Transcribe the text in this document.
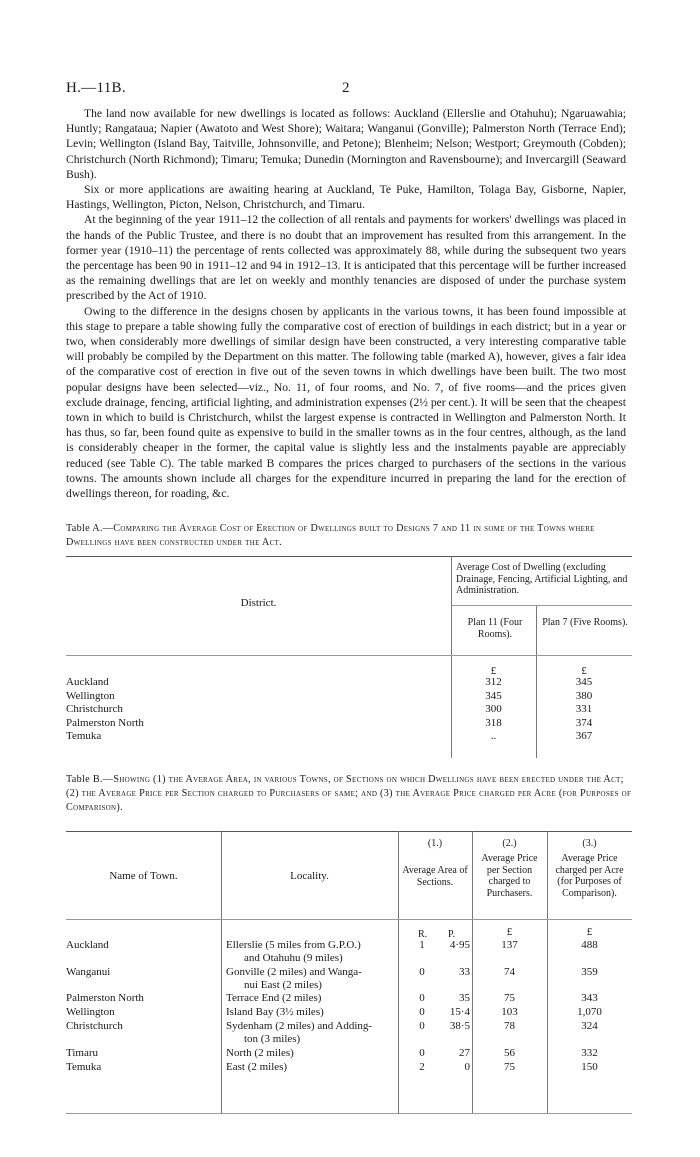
H.—11B.	2

The land now available for new dwellings is located as follows: Auckland (Ellerslie and Otahuhu); Ngaruawahia; Huntly; Rangataua; Napier (Awatoto and West Shore); Waitara; Wanganui (Gonville); Palmerston North (Terrace End); Levin; Wellington (Island Bay, Taitville, Johnsonville, and Petone); Blenheim; Nelson; Westport; Greymouth (Cobden); Christchurch (North Richmond); Timaru; Temuka; Dunedin (Mornington and Ravensbourne); and Invercargill (Seaward Bush).

Six or more applications are awaiting hearing at Auckland, Te Puke, Hamilton, Tolaga Bay, Gisborne, Napier, Hastings, Wellington, Picton, Nelson, Christchurch, and Timaru.

At the beginning of the year 1911–12 the collection of all rentals and payments for workers' dwellings was placed in the hands of the Public Trustee, and there is no doubt that an improvement has resulted from this arrangement. In the former year (1910–11) the percentage of rents collected was approximately 88, while during the subsequent two years the percentage has been 90 in 1911–12 and 94 in 1912–13. It is anticipated that this percentage will be further increased as the remaining dwellings that are let on weekly and monthly tenancies are disposed of under the purchase system prescribed by the Act of 1910.

Owing to the difference in the designs chosen by applicants in the various towns, it has been found impossible at this stage to prepare a table showing fully the comparative cost of erection of buildings in each district; but in a year or two, when considerably more dwellings of similar design have been constructed, a very interesting comparative table will probably be compiled by the Department on this matter. The following table (marked A), however, gives a fair idea of the comparative cost of erection in five out of the seven towns in which dwellings have been built. The two most popular designs have been selected—viz., No. 11, of four rooms, and No. 7, of five rooms—and the prices given exclude drainage, fencing, artificial lighting, and administration expenses (2½ per cent.). It will be seen that the cheapest town in which to build is Christchurch, whilst the largest expense is contracted in Wellington and Palmerston North. It has thus, so far, been found quite as expensive to build in the smaller towns as in the four centres, although, as the land is considerably cheaper in the former, the capital value is slightly less and the instalments payable are appreciably reduced (see Table C). The table marked B compares the prices charged to purchasers of the sections in the various towns. The amounts shown include all charges for the expenditure incurred in preparing the land for the erection of dwellings thereon, for roading, &c.

Table A.—Comparing the Average Cost of Erection of Dwellings built to Designs 7 and 11 in some of the Towns where Dwellings have been constructed under the Act.
District.
Average Cost of Dwelling (excluding Drainage, Fencing, Artificial Lighting, and Administration.
Plan 11 (Four Rooms).
Plan 7 (Five Rooms).
£	£
Auckland	312	345
Wellington	345	380
Christchurch	300	331
Palmerston North	318	374
Temuka	..	367
Table B.—Showing (1) the Average Area, in various Towns, of Sections on which Dwellings have been erected under the Act; (2) the Average Price per Section charged to Purchasers of same; and (3) the Average Price charged per Acre (for Purposes of Comparison).
Name of Town.	Locality.
(1.)	(2.)	(3.)
Average Area of Sections.
Average Price per Section charged to Purchasers.
Average Price charged per Acre (for Purposes of Comparison).
R.	P.	£	£
Auckland	Ellerslie (5 miles from G.P.O.)
and Otahuhu (9 miles)
1	4·95	137	488
Wanganui	Gonville (2 miles) and Wanga-
nui East (2 miles)
0	33	74	359
Palmerston North	Terrace End (2 miles)	0	35	75	343
Wellington	Island Bay (3½ miles)	0	15·4	103	1,070
Christchurch	Sydenham (2 miles) and Adding-
ton (3 miles)
0	38·5	78	324
Timaru	North (2 miles)	0	27	56	332
Temuka	East (2 miles)	2	0	75	150
